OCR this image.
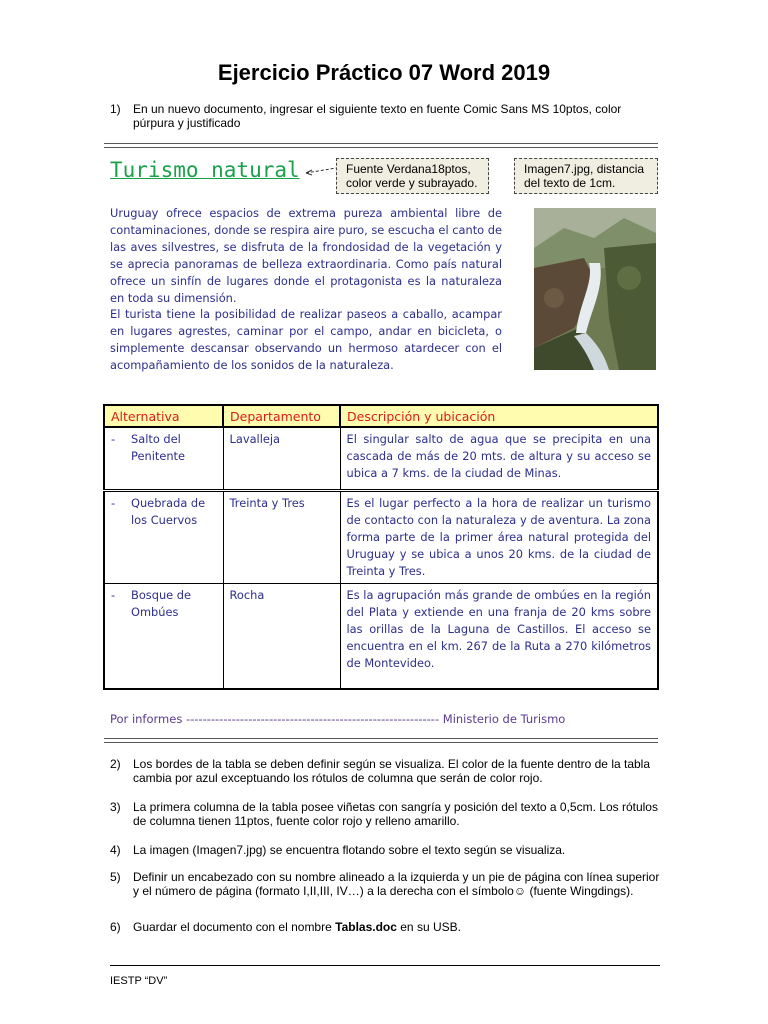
Ejercicio Práctico 07 Word 2019
1)	En un nuevo documento, ingresar el siguiente texto en fuente Comic Sans MS 10ptos, color púrpura y justificado
Turismo natural	Fuente Verdana18ptos, color verde y subrayado.
Imagen7.jpg, distancia del texto de 1cm.

Uruguay ofrece espacios de extrema pureza ambiental libre de contaminaciones, donde se respira aire puro, se escucha el canto de las aves silvestres, se disfruta de la frondosidad de la vegetación y se aprecia panoramas de belleza extraordinaria. Como país natural ofrece un sinfín de lugares donde el protagonista es la naturaleza en toda su dimensión.

El turista tiene la posibilidad de realizar paseos a caballo, acampar en lugares agrestes, caminar por el campo, andar en bicicleta, o simplemente descansar observando un hermoso atardecer con el acompañamiento de los sonidos de la naturaleza.

Alternativa	Departamento	Descripción y ubicación
- Salto del Penitente	Lavalleja	El singular salto de agua que se precipita en una cascada de más de 20 mts. de altura y su acceso se ubica a 7 kms. de la ciudad de Minas.
- Quebrada de los Cuervos	Treinta y Tres	Es el lugar perfecto a la hora de realizar un turismo de contacto con la naturaleza y de aventura. La zona forma parte de la primer área natural protegida del Uruguay y se ubica a unos 20 kms. de la ciudad de Treinta y Tres.
- Bosque de Ombúes	Rocha	Es la agrupación más grande de ombúes en la región del Plata y extiende en una franja de 20 kms sobre las orillas de la Laguna de Castillos. El acceso se encuentra en el km. 267 de la Ruta a 270 kilómetros de Montevideo.
Por informes ------------------------------------------------------------- Ministerio de Turismo
2)	Los bordes de la tabla se deben definir según se visualiza. El color de la fuente dentro de la tabla cambia por azul exceptuando los rótulos de columna que serán de color rojo.
3)	La primera columna de la tabla posee viñetas con sangría y posición del texto a 0,5cm. Los rótulos de columna tienen 11ptos, fuente color rojo y relleno amarillo.
4)	La imagen (Imagen7.jpg) se encuentra flotando sobre el texto según se visualiza.
5)	Definir un encabezado con su nombre alineado a la izquierda y un pie de página con línea superior y el número de página (formato I,II,III, IV…) a la derecha con el símbolo☺ (fuente Wingdings).
6)	Guardar el documento con el nombre Tablas.doc en su USB.
IESTP “DV”
